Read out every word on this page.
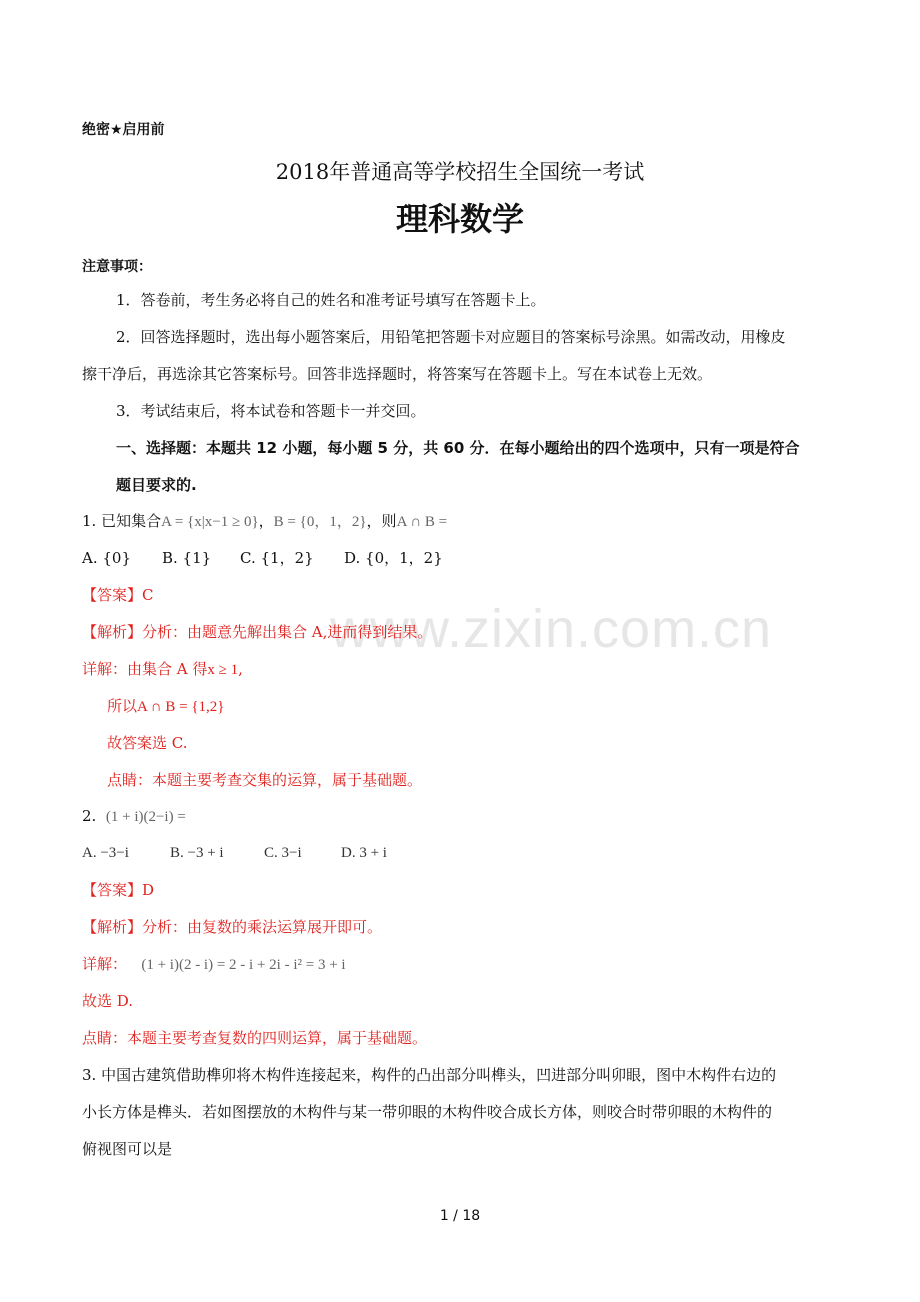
www.zixin.com.cn
绝密★启用前
2018年普通高等学校招生全国统一考试
理科数学
注意事项：
1．答卷前，考生务必将自己的姓名和准考证号填写在答题卡上。
2．回答选择题时，选出每小题答案后，用铅笔把答题卡对应题目的答案标号涂黑。如需改动，用橡皮
擦干净后，再选涂其它答案标号。回答非选择题时，将答案写在答题卡上。写在本试卷上无效。
3．考试结束后，将本试卷和答题卡一并交回。
一、选择题：本题共 12 小题，每小题 5 分，共 60 分．在每小题给出的四个选项中，只有一项是符合
题目要求的.
1. 已知集合A = {x|x−1 ≥ 0}，B = {0，1，2}，则A ∩ B =
A. {0} B. {1} C. {1，2} D. {0，1，2}
【答案】C
【解析】分析：由题意先解出集合 A,进而得到结果。
详解：由集合 A 得x ≥ 1,
所以A ∩ B = {1,2}
故答案选 C.
点睛：本题主要考查交集的运算，属于基础题。
2. (1 + i)(2−i) =
A. −3−i	B. −3 + i	C. 3−i	D. 3 + i
【答案】D
【解析】分析：由复数的乘法运算展开即可。
详解： (1 + i)(2 - i) = 2 - i + 2i - i² = 3 + i
故选 D.
点睛：本题主要考查复数的四则运算，属于基础题。
3. 中国古建筑借助榫卯将木构件连接起来，构件的凸出部分叫榫头，凹进部分叫卯眼，图中木构件右边的
小长方体是榫头．若如图摆放的木构件与某一带卯眼的木构件咬合成长方体，则咬合时带卯眼的木构件的
俯视图可以是
1 / 18
